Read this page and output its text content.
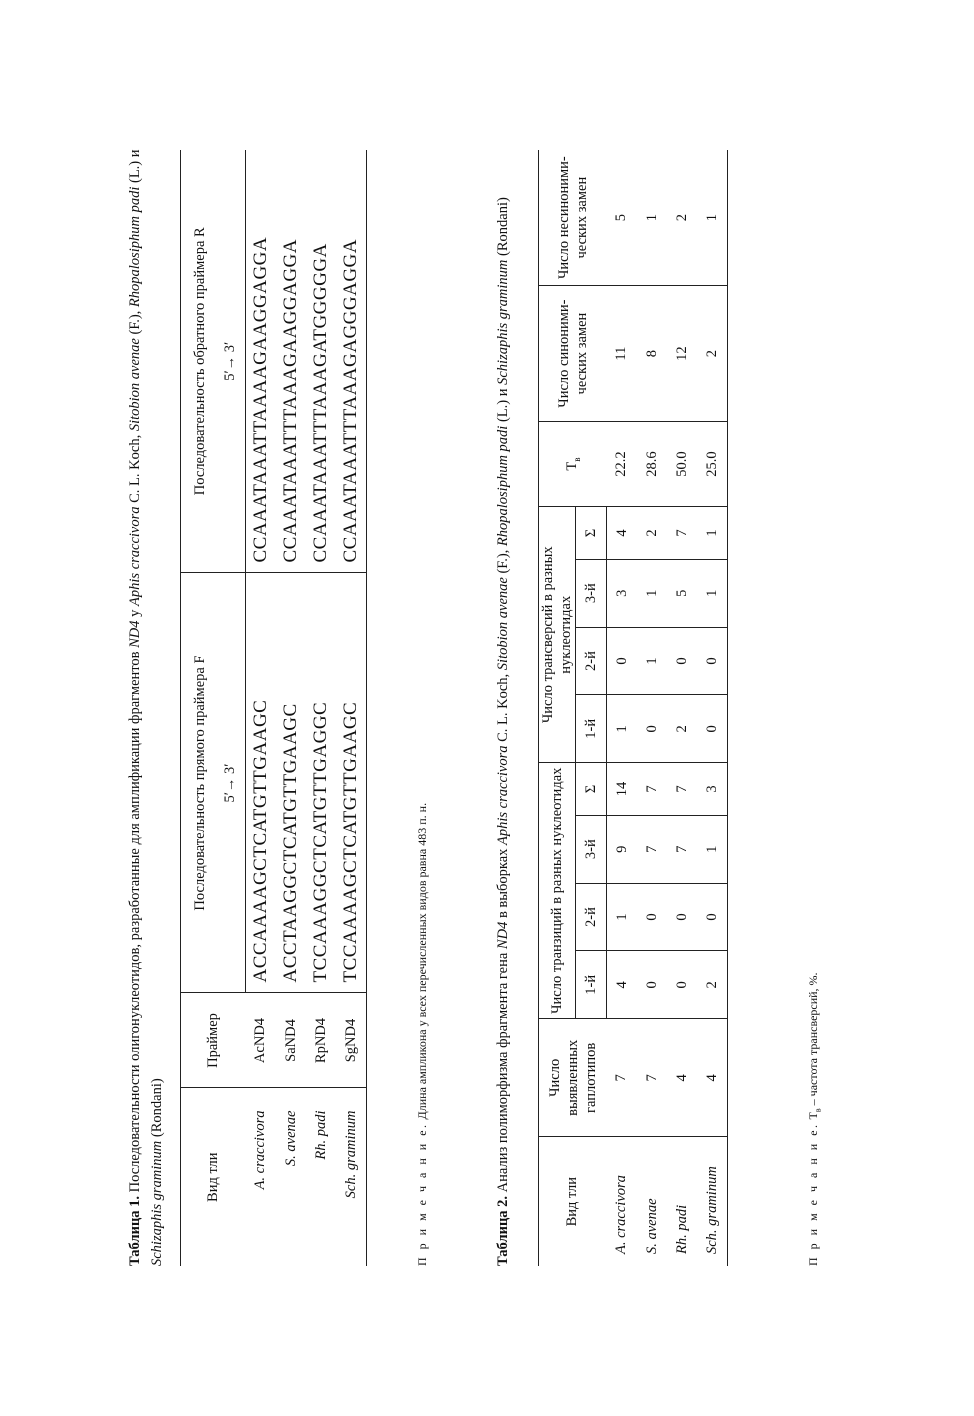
Таблица 1. Последовательности олигонуклеотидов, разработанные для амплификации фрагментов ND4 у Aphis craccivora C. L. Koch, Sitobion avenae (F.), Rhopalosiphum padi (L.) и Schizaphis graminum (Rondani)
Вид тли	Праймер	Последовательность прямого праймера F	Последовательность обратного праймера R
		5′→ 3′	5′→ 3′
A. craccivora	AcND4	ACCAAAAGCTCATGTTGAAGC	CCAAATAAATTAAAAGAAGGAGGA
S. avenae	SaND4	ACCTAAGGCTCATGTTGAAGC	CCAAATAAATTTAAAGAAGGAGGA
Rh. padi	RpND4	TCCAAAGGCTCATGTTGAGGC	CCAAATAAATTTAAAGATGGGGGA
Sch. graminum	SgND4	TCCAAAAGCTCATGTTGAAGC	CCAAATAAATTTAAAGAGGGAGGA
П р и м е ч а н и е. Длина ампликона у всех перечисленных видов равна 483 п. н.
Таблица 2. Анализ полиморфизма фрагмента гена ND4 в выборках Aphis craccivora C. L. Koch, Sitobion avenae (F.), Rhopalosiphum padi (L.) и Schizaphis graminum (Rondani)
Вид тли	Число выявленных гаплотипов	Число транзиций в разных нуклеотидах				Число трансверсий в разных нуклеотидах				$T_в$	Число синоними-ческих замен	Число несиноними-ческих замен

		1-й	2-й	3-й	Σ	1-й	2-й	3-й	Σ			
A. craccivora	7	4	1	9	14	1	0	3	4	22.2	11	5
S. avenae	7	0	0	7	7	0	1	1	2	28.6	8	1
Rh. padi	4	0	0	7	7	2	0	5	7	50.0	12	2
Sch. graminum	4	2	0	1	3	0	0	1	1	25.0	2	1
П р и м е ч а н и е. $T_в$ – частота трансверсий, %.
